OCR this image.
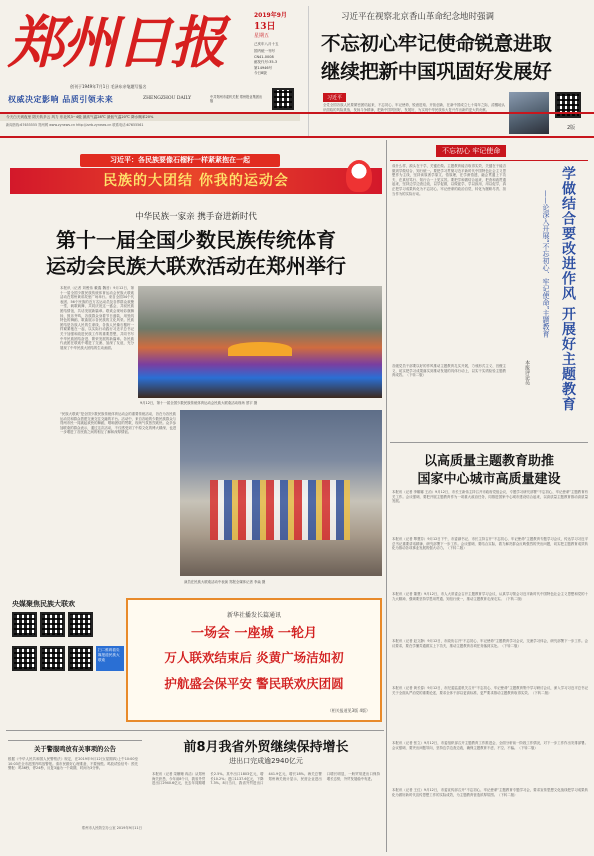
郑州日报	2019年9月
13日
星期五
己亥年八月十五
国内统一刊号
CN41-0008
邮发代号:35-3
第14946号
今日8版
创刊于1949年7月1日 毛泽东亲笔题写报名
权威决定影响 品质引领未来	ZHENGZHOU DAILY	中共郑州市委机关报 郑州报业集团出版
习近平在视察北京香山革命纪念地时强调
不忘初心牢记使命锐意进取
继续把新中国巩固好发展好
习近平
全党全国各族人民要紧密团结起来，不忘初心、牢记使命，锐意进取、开拓创新，在新中国成立七十周年之际，清醒地认识面临的风险挑战，发扬斗争精神，把新中国巩固好、发展好，为实现中华民族伟大复兴作出新的更大的贡献。
2版
今天白天到夜里 阴天转多云 风力 东北风3~4级 最高气温28℃ 最低气温20℃ 降水概率20%
新闻热线:67655555 郑州网 www.zynews.cn http://zzrb.zynews.cn 联系电话:67655561
习近平：各民族要像石榴籽一样紧紧抱在一起
民族的大团结 你我的运动会
中华民族一家亲 携手奋进新时代
第十一届全国少数民族传统体育
运动会民族大联欢活动在郑州举行
本报讯（记者 刘俊伟 戴鑫 魏晋）9月12日，第十一届全国少数民族传统体育运动会民族大联欢活动在郑州黄帝故里广场举行。来自全国34个代表团、56个民族的近万名运动员及各界群众欢聚一堂，载歌载舞，共同庆祝这一盛会，共叙民族团结情谊，共话发展新篇章。联欢会现场彩旗飘扬，鼓乐齐鸣，各族群众身着节日盛装，用独具特色的舞蹈、歌曲展示各民族的文化风采。民族团结是各族人民的生命线，各族人民像石榴籽一样紧紧抱在一起，以实际行动践行习近平总书记关于加强和改进民族工作的重要思想，共同书写中华民族团结奋进、繁荣发展的新篇章。各民族代表团在联欢中增进了交流、加深了友谊，充分展现了中华民族大团结的生动画面。
“民族大联欢”是全国少数民族传统体育运动会的重要传统活动，旨在为各民族运动员和群众搭建交流交往交融的平台。活动中，来自各地的少数民族群众与郑州市民一同跳起欢快的舞蹈，唱响团结的赞歌，现场气氛热烈欢快。众多参加联欢的群众表示，通过这次活动，不仅感受到了中原文化的博大精深，也进一步增进了各民族之间的相互了解和深厚情谊。
9月12日，第十一届全国少数民族传统体育运动会民族大联欢活动现场 蔡宇 摄
演员在民族大联欢活动中表演 郑报全媒体记者 李焱 摄
央媒聚焦民族大联欢
扫二维码看央媒报道民族大联欢
新华社播发长篇通讯
一场会 一座城 一轮月
万人联欢结束后 炎黄广场洁如初
护航盛会保平安 警民联欢庆团圆
（相关报道见3版 4版）
关于警服鸣放有关事项的公告
根据《中华人民共和国人民警察法》规定，在2019年9月12日(星期四)上午10:00至10:03在全市范围内鸣放警报。请市民做好心理准备，不要惊慌。鸣放试验信号：预先警报：鸣36秒，停24秒，反复3遍为一个周期，时间为3分钟。
郑州市人民防空办公室 2019年9月11日
前8月我省外贸继续保持增长
进出口完成逾2940亿元
本报讯（记者 栾姗姗 冉洁）从郑州海关获悉，今年前8个月，我省外贸进出口2940.6亿元，比去年同期增长2.5%。其中出口1803亿元，增长10.2%；进口1137.6亿元，下降7.3%。8月当月，我省外贸进出口441.9亿元，增长18%。海关总署郑州海关统计显示，民营企业进出口增长明显，一般贸易进出口保持增长态势，外贸发展稳中有进。
不忘初心 牢记使命
成什么样，源头在于学，关键在做。主题教育能否取得实效，关键在于能否做到学做结合、知行统一。要把学习贯彻习近平新时代中国特色社会主义思想作为主线，坚持读原著学原文、悟原理，在学深悟透、融会贯通上下功夫，在真信笃行、知行合一上见实效。要把学和做结合起来，把查和改贯通起来，坚持边学边查边改，以学促做，以做促学，学以致用，用以促学，真正把学习成果转化为不忘初心、牢记使命的政治自觉，转化为履职尽责、担当作为的实际行动。
各级党员干部要以好的作风推动主题教育扎实开展，力戒形式主义、官僚主义，切实把学习成果落实到推动发展的具体行动上，以实干实绩检验主题教育成效。（下转二版）	学做结合要改进作风 开展好主题教育
——论深入开展“不忘初心、牢记使命”主题教育
本报评论员
以高质量主题教育助推
国家中心城市高质量建设
本报讯（记者 李娜娜 王治）9月12日，市长王新伟主持召开市政府党组会议，专题学习研究部署“不忘初心、牢记使命”主题教育有关工作。会议强调，要把开展主题教育作为一项重大政治任务，同推进国家中心城市建设结合起来，以高质量主题教育推动高质量发展。
本报讯（记者 覃慧芬）9月12日下午，市委副书记、市长主持召开“不忘初心、牢记使命”主题教育专题学习会议，传达学习习近平总书记重要讲话精神，研究部署下一步工作。会议强调，要结合实际，着力解决群众反映强烈的突出问题，切实把主题教育成效转化为推动各项事业发展的强大动力。（下转二版）
本报讯（记者 董慧）9月12日，市人大常委会召开主题教育学习会议，认真学习领会习近平新时代中国特色社会主义思想和党的十九大精神，强调要坚持学思用贯通、知信行统一，推动主题教育走深走实。（下转二版）
本报讯（记者 赵文静）9月12日，市政协召开“不忘初心、牢记使命”主题教育学习会议，交流学习体会，研究部署下一步工作。会议要求，要在学懂弄通做实上下功夫，推动主题教育各项任务落到实处。（下转二版）
本报讯（记者 黄长春）9月12日，市纪委监委机关召开“不忘初心、牢记使命”主题教育集中学习研讨会议，深入学习习近平总书记关于全面从严治党的重要论述，要求全体干部以更高标准、更严要求推动主题教育取得实效。（下转二版）
本报讯（记者 张立）9月12日，市委组织部召开主题教育工作推进会，全面分析前一阶段工作情况，对下一步工作作出安排部署。会议强调，要突出问题导向，坚持边学边查边改，确保主题教育不虚、不空、不偏。（下转二版）
本报讯（记者 王红）9月12日，市委宣传部召开“不忘初心、牢记使命”主题教育专题学习会，要求宣传思想文化战线把学习成果转化为做好新时代宣传思想工作的实际成效，为主题教育营造浓厚氛围。（下转二版）
